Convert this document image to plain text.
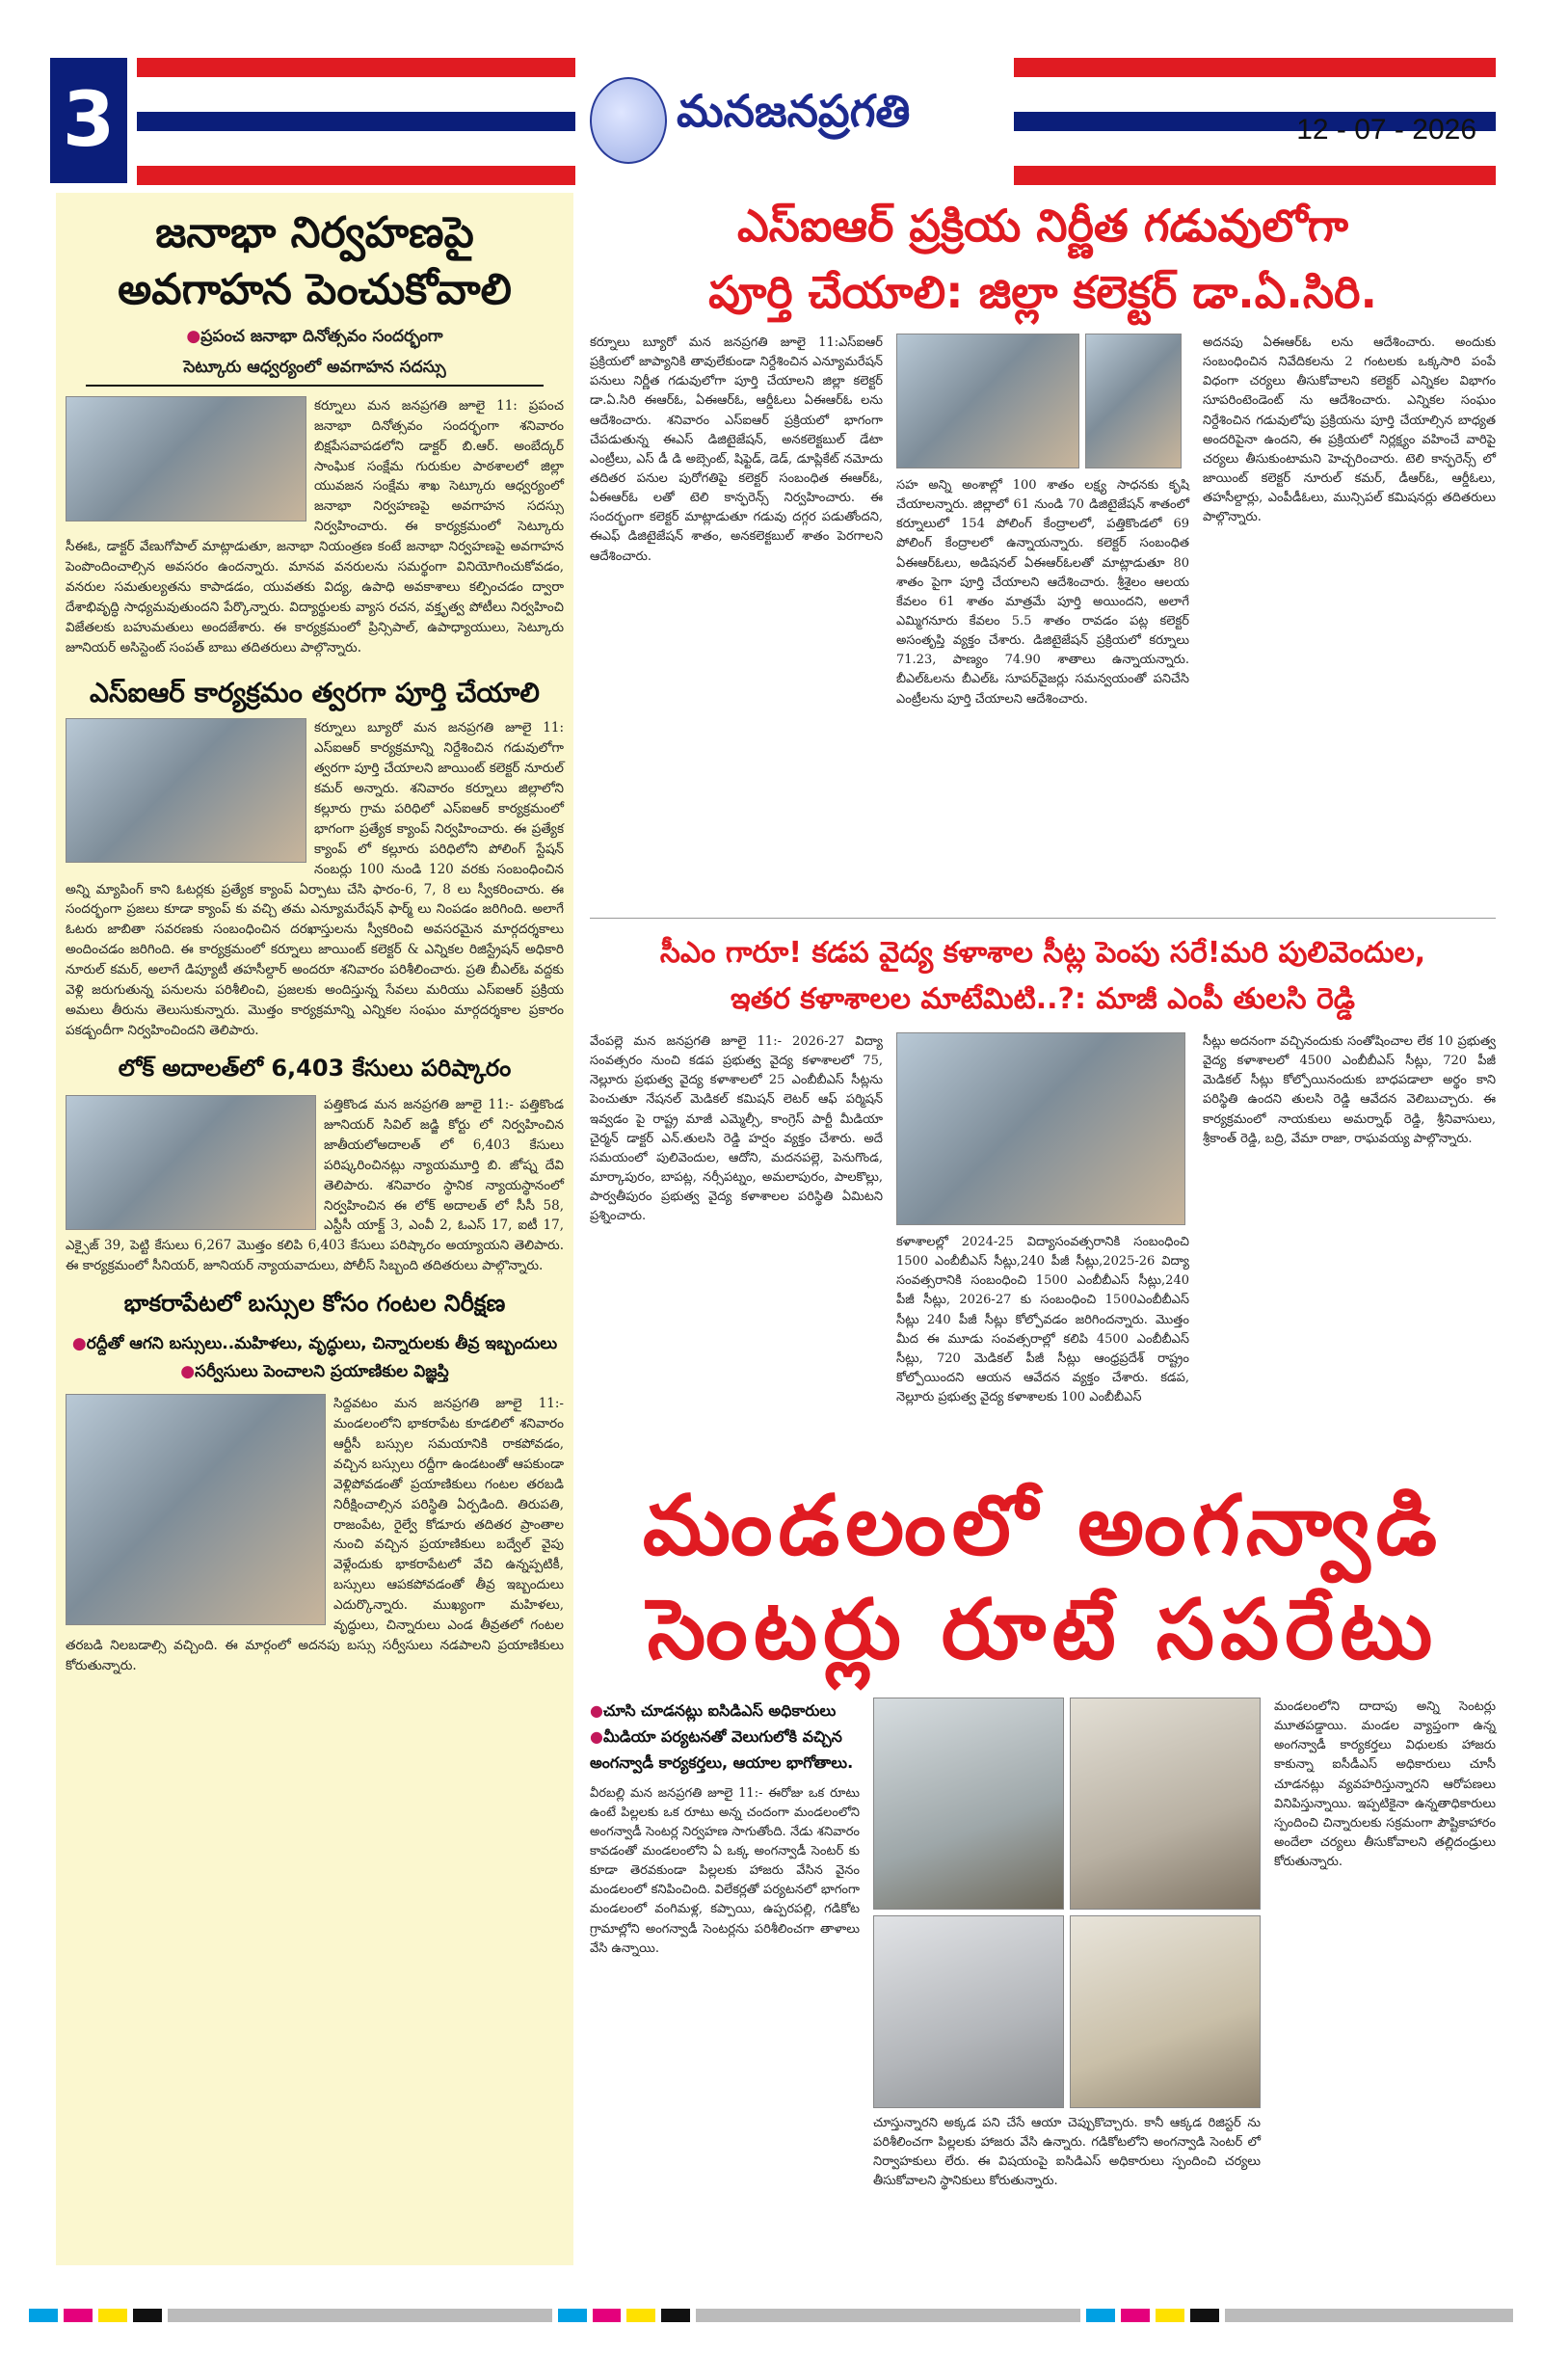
3	మనజనప్రగతి

	12 - 07 - 2026
జనాభా నిర్వహణపై
అవగాహన పెంచుకోవాలి
●ప్రపంచ జనాభా దినోత్సవం సందర్భంగా
సెట్కూరు ఆధ్వర్యంలో అవగాహన సదస్సు
కర్నూలు మన జనప్రగతి జూలై 11: ప్రపంచ జనాభా దినోత్సవం సందర్భంగా శనివారం బిక్షపేసవాపడలోని డాక్టర్ బి.ఆర్. అంబేద్కర్ సాంఘిక సంక్షేమ గురుకుల పాఠశాలలో జిల్లా యువజన సంక్షేమ శాఖ సెట్కూరు ఆధ్వర్యంలో జనాభా నిర్వహణపై అవగాహన సదస్సు నిర్వహించారు. ఈ కార్యక్రమంలో సెట్కూరు సీఈఓ, డాక్టర్ వేణుగోపాల్ మాట్లాడుతూ, జనాభా నియంత్రణ కంటే జనాభా నిర్వహణపై అవగాహన పెంపొందించాల్సిన అవసరం ఉందన్నారు. మానవ వనరులను సమర్థంగా వినియోగించుకోవడం, వనరుల సమతుల్యతను కాపాడడం, యువతకు విద్య, ఉపాధి అవకాశాలు కల్పించడం ద్వారా దేశాభివృద్ధి సాధ్యమవుతుందని పేర్కొన్నారు. విద్యార్థులకు వ్యాస రచన, వక్తృత్వ పోటీలు నిర్వహించి విజేతలకు బహుమతులు అందజేశారు. ఈ కార్యక్రమంలో ప్రిన్సిపాల్, ఉపాధ్యాయులు, సెట్కూరు జూనియర్ అసిస్టెంట్ సంపత్ బాబు తదితరులు పాల్గొన్నారు.
ఎస్ఐఆర్ కార్యక్రమం త్వరగా పూర్తి చేయాలి
కర్నూలు బ్యూరో మన జనప్రగతి జూలై 11: ఎస్ఐఆర్ కార్యక్రమాన్ని నిర్దేశించిన గడువులోగా త్వరగా పూర్తి చేయాలని జాయింట్ కలెక్టర్ నూరుల్ కమర్ అన్నారు. శనివారం కర్నూలు జిల్లాలోని కల్లూరు గ్రామ పరిధిలో ఎస్ఐఆర్ కార్యక్రమంలో భాగంగా ప్రత్యేక క్యాంప్ నిర్వహించారు. ఈ ప్రత్యేక క్యాంప్ లో కల్లూరు పరిధిలోని పోలింగ్ స్టేషన్ నంబర్లు 100 నుండి 120 వరకు సంబంధించిన అన్ని మ్యాపింగ్ కాని ఓటర్లకు ప్రత్యేక క్యాంప్ ఏర్పాటు చేసి ఫారం-6, 7, 8 లు స్వీకరించారు. ఈ సందర్భంగా ప్రజలు కూడా క్యాంప్ కు వచ్చి తమ ఎన్యూమరేషన్ ఫార్మ్ లు నింపడం జరిగింది. అలాగే ఓటరు జాబితా సవరణకు సంబంధించిన దరఖాస్తులను స్వీకరించి అవసరమైన మార్గదర్శకాలు అందించడం జరిగింది. ఈ కార్యక్రమంలో కర్నూలు జాయింట్ కలెక్టర్ & ఎన్నికల రిజిస్ట్రేషన్ అధికారి నూరుల్ కమర్, అలాగే డిప్యూటీ తహసీల్దార్ అందరూ శనివారం పరిశీలించారు. ప్రతి బీఎల్ఓ వద్దకు వెళ్లి జరుగుతున్న పనులను పరిశీలించి, ప్రజలకు అందిస్తున్న సేవలు మరియు ఎస్ఐఆర్ ప్రక్రియ అమలు తీరును తెలుసుకున్నారు. మొత్తం కార్యక్రమాన్ని ఎన్నికల సంఘం మార్గదర్శకాల ప్రకారం పకడ్బందీగా నిర్వహించిందని తెలిపారు.
లోక్ అదాలత్‌లో 6,403 కేసులు పరిష్కారం
పత్తికొండ మన జనప్రగతి జూలై 11:- పత్తికొండ జూనియర్ సివిల్ జడ్జి కోర్టు లో నిర్వహించిన జాతీయలోఅదాలత్ లో 6,403 కేసులు పరిష్కరించినట్లు న్యాయమూర్తి బి. జోష్న దేవి తెలిపారు. శనివారం స్థానిక న్యాయస్థానంలో నిర్వహించిన ఈ లోక్ అదాలత్ లో సీసీ 58, ఎస్టీసీ యాక్ట్ 3, ఎంవీ 2, ఓఎస్ 17, ఐటీ 17, ఎక్సైజ్ 39, పెట్టి కేసులు 6,267 మొత్తం కలిపి 6,403 కేసులు పరిష్కారం అయ్యాయని తెలిపారు. ఈ కార్యక్రమంలో సీనియర్, జూనియర్ న్యాయవాదులు, పోలీస్ సిబ్బంది తదితరులు పాల్గొన్నారు.
భాకరాపేటలో బస్సుల కోసం గంటల నిరీక్షణ
●రద్దీతో ఆగని బస్సులు..మహిళలు, వృద్ధులు, చిన్నారులకు తీవ్ర ఇబ్బందులు
●సర్వీసులు పెంచాలని ప్రయాణికుల విజ్ఞప్తి
సిద్దవటం మన జనప్రగతి జూలై 11:-మండలంలోని భాకరాపేట కూడలిలో శనివారం ఆర్టీసీ బస్సుల సమయానికి రాకపోవడం, వచ్చిన బస్సులు రద్దీగా ఉండటంతో ఆపకుండా వెళ్లిపోవడంతో ప్రయాణికులు గంటల తరబడి నిరీక్షించాల్సిన పరిస్థితి ఏర్పడింది. తిరుపతి, రాజంపేట, రైల్వే కోడూరు తదితర ప్రాంతాల నుంచి వచ్చిన ప్రయాణికులు బద్వేల్ వైపు వెళ్లేందుకు భాకరాపేటలో వేచి ఉన్నప్పటికీ, బస్సులు ఆపకపోవడంతో తీవ్ర ఇబ్బందులు ఎదుర్కొన్నారు. ముఖ్యంగా మహిళలు, వృద్ధులు, చిన్నారులు ఎండ తీవ్రతలో గంటల తరబడి నిలబడాల్సి వచ్చింది. ఈ మార్గంలో అదనపు బస్సు సర్వీసులు నడపాలని ప్రయాణికులు కోరుతున్నారు.
ఎస్ఐఆర్ ప్రక్రియ నిర్ణీత గడువులోగా
పూర్తి చేయాలి: జిల్లా కలెక్టర్ డా.ఏ.సిరి.
కర్నూలు బ్యూరో మన జనప్రగతి జూలై 11:ఎస్ఐఆర్ ప్రక్రియలో జాప్యానికి తావులేకుండా నిర్దేశించిన ఎన్యూమరేషన్ పనులు నిర్ణీత గడువులోగా పూర్తి చేయాలని జిల్లా కలెక్టర్ డా.ఏ.సిరి ఈఆర్ఓ, ఏఈఆర్ఓ, ఆర్డీఓలు ఏఈఆర్ఓ లను ఆదేశించారు. శనివారం ఎస్ఐఆర్ ప్రక్రియలో భాగంగా చేపడుతున్న ఈఎస్ డిజిటైజేషన్, అనకలెక్టబుల్ డేటా ఎంట్రీలు, ఎస్ డీ డి అబ్సెంట్, షిఫ్టెడ్, డెడ్, డూప్లికేట్ నమోదు తదితర పనుల పురోగతిపై కలెక్టర్ సంబంధిత ఈఆర్ఓ, ఏఈఆర్ఓ లతో టెలి కాన్ఫరెన్స్ నిర్వహించారు. ఈ సందర్భంగా కలెక్టర్ మాట్లాడుతూ గడువు దగ్గర పడుతోందని, ఈఎఫ్ డిజిటైజేషన్ శాతం, అనకలెక్టబుల్ శాతం పెరగాలని ఆదేశించారు.
సహ అన్ని అంశాల్లో 100 శాతం లక్ష్య సాధనకు కృషి చేయాలన్నారు. జిల్లాలో 61 నుండి 70 డిజిటైజేషన్ శాతంలో కర్నూలులో 154 పోలింగ్ కేంద్రాలలో, పత్తికొండలో 69 పోలింగ్ కేంద్రాలలో ఉన్నాయన్నారు. కలెక్టర్ సంబంధిత ఏఈఆర్ఓలు, అడిషనల్ ఏఈఆర్ఓలతో మాట్లాడుతూ 80 శాతం పైగా పూర్తి చేయాలని ఆదేశించారు. శ్రీశైలం ఆలయ కేవలం 61 శాతం మాత్రమే పూర్తి అయిందని, అలాగే ఎమ్మిగనూరు కేవలం 5.5 శాతం రావడం పట్ల కలెక్టర్ అసంతృప్తి వ్యక్తం చేశారు. డిజిటైజేషన్ ప్రక్రియలో కర్నూలు 71.23, పాణ్యం 74.90 శాతాలు ఉన్నాయన్నారు. బీఎల్ఓలను బీఎల్ఓ సూపర్‌వైజర్లు సమన్వయంతో పనిచేసి ఎంట్రీలను పూర్తి చేయాలని ఆదేశించారు.
అదనపు ఏఈఆర్ఓ లను ఆదేశించారు. అందుకు సంబంధించిన నివేదికలను 2 గంటలకు ఒక్కసారి పంపే విధంగా చర్యలు తీసుకోవాలని కలెక్టర్ ఎన్నికల విభాగం సూపరింటెండెంట్ ను ఆదేశించారు. ఎన్నికల సంఘం నిర్దేశించిన గడువులోపు ప్రక్రియను పూర్తి చేయాల్సిన బాధ్యత అందరిపైనా ఉందని, ఈ ప్రక్రియలో నిర్లక్ష్యం వహించే వారిపై చర్యలు తీసుకుంటామని హెచ్చరించారు. టెలి కాన్ఫరెన్స్ లో జాయింట్ కలెక్టర్ నూరుల్ కమర్, డీఆర్ఓ, ఆర్డీఓలు, తహసీల్దార్లు, ఎంపీడీఓలు, మున్సిపల్ కమిషనర్లు తదితరులు పాల్గొన్నారు.
సీఎం గారూ! కడప వైద్య కళాశాల సీట్ల పెంపు సరే!మరి పులివెందుల,
ఇతర కళాశాలల మాటేమిటి..?: మాజీ ఎంపీ తులసి రెడ్డి
వేంపల్లె మన జనప్రగతి జూలై 11:- 2026-27 విద్యా సంవత్సరం నుంచి కడప ప్రభుత్వ వైద్య కళాశాలలో 75, నెల్లూరు ప్రభుత్వ వైద్య కళాశాలలో 25 ఎంబీబీఎస్ సీట్లను పెంచుతూ నేషనల్ మెడికల్ కమిషన్ లెటర్ ఆఫ్ పర్మిషన్ ఇవ్వడం పై రాష్ట్ర మాజీ ఎమ్మెల్సీ, కాంగ్రెస్ పార్టీ మీడియా చైర్మన్ డాక్టర్ ఎన్.తులసి రెడ్డి హర్షం వ్యక్తం చేశారు. అదే సమయంలో పులివెందుల, ఆదోని, మదనపల్లె, పెనుగొండ, మార్కాపురం, బాపట్ల, నర్సీపట్నం, అమలాపురం, పాలకొల్లు, పార్వతీపురం ప్రభుత్వ వైద్య కళాశాలల పరిస్థితి ఏమిటని ప్రశ్నించారు.
కళాశాలల్లో 2024-25 విద్యాసంవత్సరానికి సంబంధించి 1500 ఎంబీబీఎస్ సీట్లు,240 పీజీ సీట్లు,2025-26 విద్యా సంవత్సరానికి సంబంధించి 1500 ఎంబీబీఎస్ సీట్లు,240 పీజీ సీట్లు, 2026-27 కు సంబంధించి 1500ఎంబీబీఎస్ సీట్లు 240 పీజీ సీట్లు కోల్పోవడం జరిగిందన్నారు. మొత్తం మీద ఈ మూడు సంవత్సరాల్లో కలిపి 4500 ఎంబీబీఎస్ సీట్లు, 720 మెడికల్ పీజీ సీట్లు ఆంధ్రప్రదేశ్ రాష్ట్రం కోల్పోయిందని ఆయన ఆవేదన వ్యక్తం చేశారు. కడప, నెల్లూరు ప్రభుత్వ వైద్య కళాశాలకు 100 ఎంబీబీఎస్
సీట్లు అదనంగా వచ్చినందుకు సంతోషించాల లేక 10 ప్రభుత్వ వైద్య కళాశాలలో 4500 ఎంబీబీఎస్ సీట్లు, 720 పీజీ మెడికల్ సీట్లు కోల్పోయినందుకు బాధపడాలా అర్థం కాని పరిస్థితి ఉందని తులసి రెడ్డి ఆవేదన వెలిబుచ్చారు. ఈ కార్యక్రమంలో నాయకులు అమర్నాథ్ రెడ్డి, శ్రీనివాసులు, శ్రీకాంత్ రెడ్డి, బద్రి, వేమా రాజా, రాఘవయ్య పాల్గొన్నారు.
మండలంలో అంగన్వాడి
సెంటర్లు రూటే సపరేటు
●చూసి చూడనట్లు ఐసిడిఎస్ అధికారులు
●మీడియా పర్యటనతో వెలుగులోకి వచ్చిన అంగన్వాడీ కార్యకర్తలు, ఆయాల భాగోతాలు.
వీరబల్లి మన జనప్రగతి జూలై 11:- ఈరోజు ఒక రూటు ఉంటే పిల్లలకు ఒక రూటు అన్న చందంగా మండలంలోని అంగన్వాడీ సెంటర్ల నిర్వహణ సాగుతోంది. నేడు శనివారం కావడంతో మండలంలోని ఏ ఒక్క అంగన్వాడీ సెంటర్ కు కూడా తెరవకుండా పిల్లలకు హాజరు వేసిన వైనం మండలంలో కనిపించింది. విలేకర్లతో పర్యటనలో భాగంగా మండలంలో వంగిమళ్ల, కప్పాయి, ఉప్పరపల్లి, గడికోట గ్రామాల్లోని అంగన్వాడీ సెంటర్లను పరిశీలించగా తాళాలు వేసి ఉన్నాయి.
చూస్తున్నారని అక్కడ పని చేసే ఆయా చెప్పుకొచ్చారు. కానీ ఆక్కడ రిజిస్టర్ ను పరిశీలించగా పిల్లలకు హాజరు వేసి ఉన్నారు. గడికోటలోని అంగన్వాడి సెంటర్ లో నిర్వాహకులు లేరు. ఈ విషయంపై ఐసిడిఎస్ అధికారులు స్పందించి చర్యలు తీసుకోవాలని స్థానికులు కోరుతున్నారు.
మండలంలోని దాదాపు అన్ని సెంటర్లు మూతపడ్డాయి. మండల వ్యాప్తంగా ఉన్న అంగన్వాడీ కార్యకర్తలు విధులకు హాజరు కాకున్నా ఐసీడీఎస్ అధికారులు చూసీ చూడనట్లు వ్యవహరిస్తున్నారని ఆరోపణలు వినిపిస్తున్నాయి. ఇప్పటికైనా ఉన్నతాధికారులు స్పందించి చిన్నారులకు సక్రమంగా పౌష్టికాహారం అందేలా చర్యలు తీసుకోవాలని తల్లిదండ్రులు కోరుతున్నారు.
